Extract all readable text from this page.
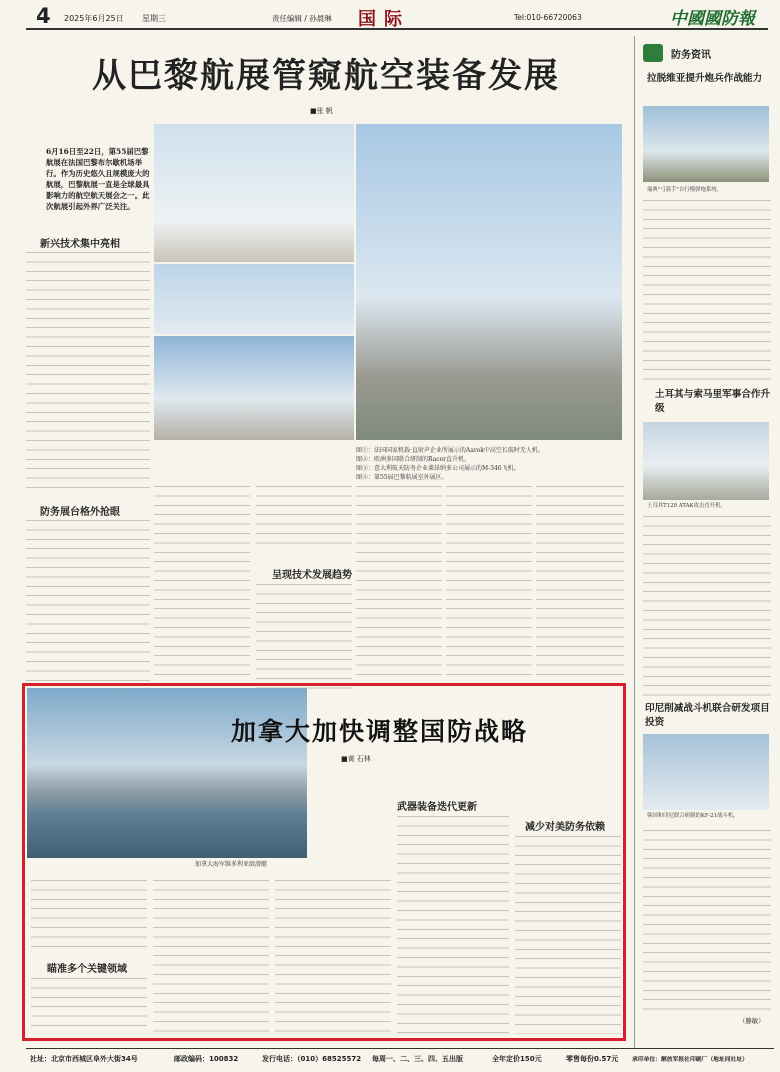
4 2025年6月25日 星期三	责任编辑 / 孙晨琳 国际	Tel:010-66720063	中國國防報
从巴黎航展管窥航空装备发展
■张 帆
6月16日至22日，第55届巴黎航展在法国巴黎布尔歇机场举行。作为历史悠久且规模庞大的航展，巴黎航展一直是全球最具影响力的航空航天展会之一。此次航展引起外界广泛关注。
新兴技术集中亮相
防务展台格外抢眼
图①：法国国家机载·直射声企业所展示的Aarok中高空长航时无人机。
图②：欧洲多国联合研制的Racer直升机。
图③：意大利航天防务企业莱昂纳多公司展示的M-346飞机。
图④：第55届巴黎航展室外展区。
呈现技术发展趋势
加拿大加快调整国防战略
■黄 石林
加拿大海军维多利亚级潜艇
瞄准多个关键领域
武器装备迭代更新
减少对美防务依赖
防务资讯
拉脱维亚提升炮兵作战能力
瑞典"弓箭手"自行榴弹炮系统。
土耳其与索马里军事合作升级
土耳其T129 ATAK攻击直升机。
印尼削减战斗机联合研发项目投资
韩国和印尼联合研制的KF-21战斗机。
（滕敏）
社址：北京市西城区阜外大街34号	邮政编码：100832	发行电话：（010）68525572 每周一、二、三、四、五出版	全年定价150元	零售每份0.57元 承印单位：解放军报社印刷厂（地址同社址）
